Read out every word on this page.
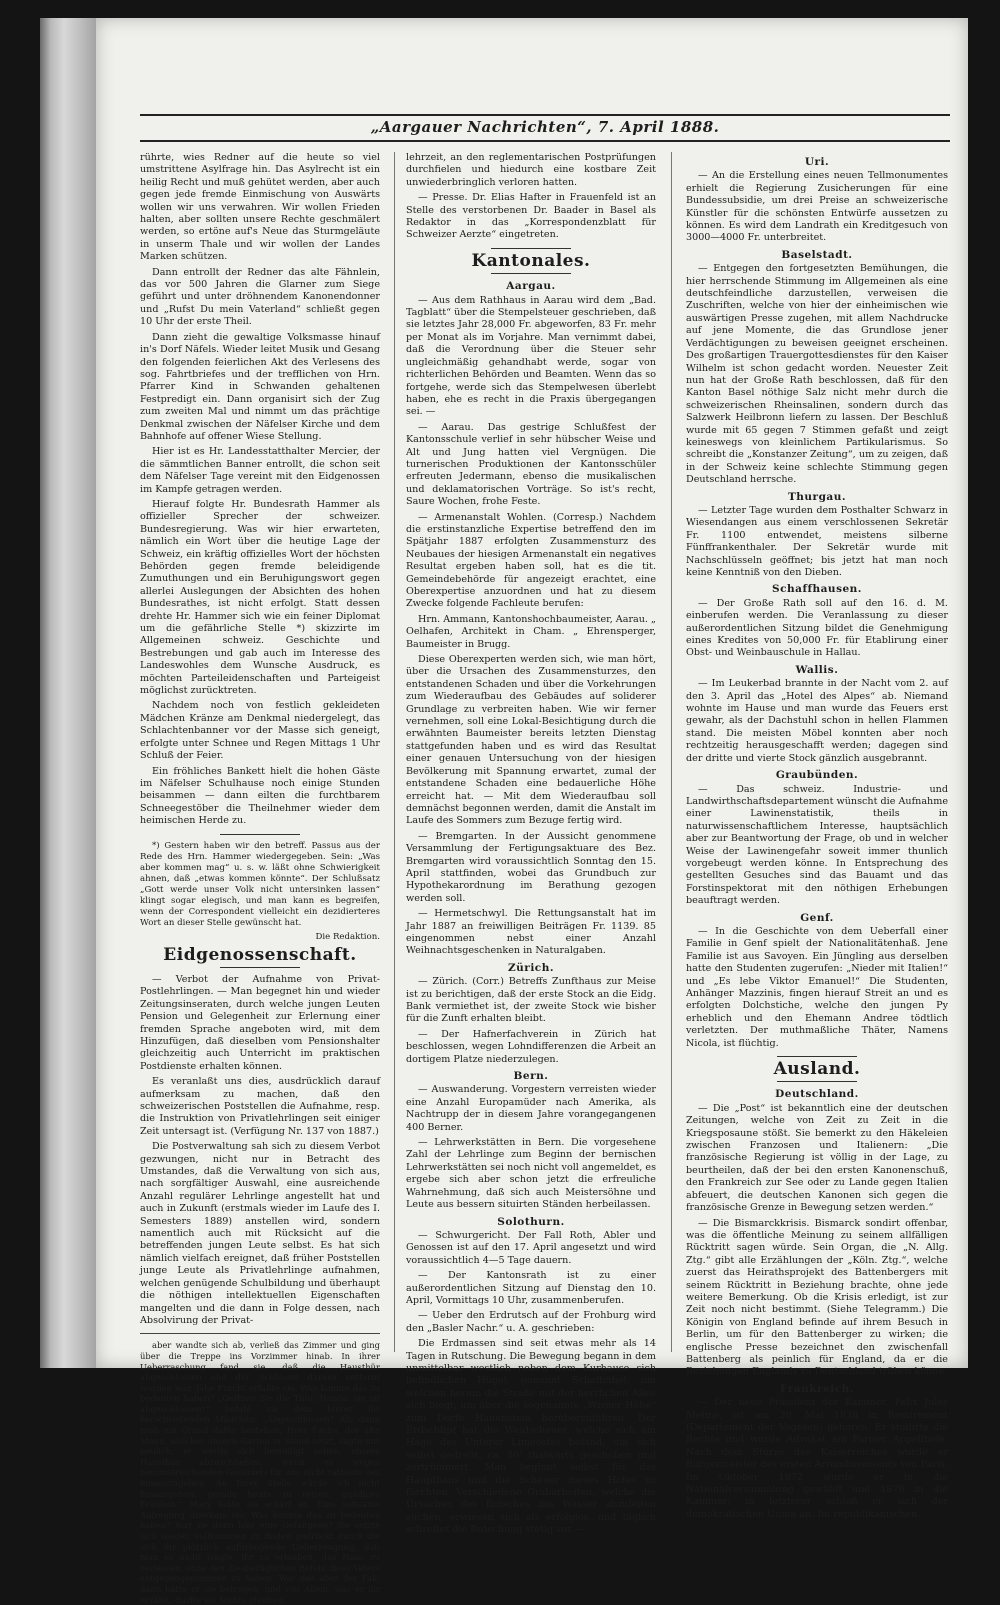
„Aargauer Nachrichten“, 7. April 1888.

rührte, wies Redner auf die heute so viel umstrittene Asylfrage hin. Das Asylrecht ist ein heilig Recht und muß gehütet werden, aber auch gegen jede fremde Einmischung von Auswärts wollen wir uns verwahren. Wir wollen Frieden halten, aber sollten unsere Rechte geschmälert werden, so ertöne auf's Neue das Sturmgeläute in unserm Thale und wir wollen der Landes Marken schützen.

Dann entrollt der Redner das alte Fähnlein, das vor 500 Jahren die Glarner zum Siege geführt und unter dröhnendem Kanonendonner und „Rufst Du mein Vaterland“ schließt gegen 10 Uhr der erste Theil.

Dann zieht die gewaltige Volksmasse hinauf in's Dorf Näfels. Wieder leitet Musik und Gesang den folgenden feierlichen Akt des Verlesens des sog. Fahrtbriefes und der trefflichen von Hrn. Pfarrer Kind in Schwanden gehaltenen Festpredigt ein. Dann organisirt sich der Zug zum zweiten Mal und nimmt um das prächtige Denkmal zwischen der Näfelser Kirche und dem Bahnhofe auf offener Wiese Stellung.

Hier ist es Hr. Landesstatthalter Mercier, der die sämmtlichen Banner entrollt, die schon seit dem Näfelser Tage vereint mit den Eidgenossen im Kampfe getragen werden.

Hierauf folgte Hr. Bundesrath Hammer als offizieller Sprecher der schweizer. Bundesregierung. Was wir hier erwarteten, nämlich ein Wort über die heutige Lage der Schweiz, ein kräftig offizielles Wort der höchsten Behörden gegen fremde beleidigende Zumuthungen und ein Beruhigungswort gegen allerlei Auslegungen der Absichten des hohen Bundesrathes, ist nicht erfolgt. Statt dessen drehte Hr. Hammer sich wie ein feiner Diplomat um die gefährliche Stelle *) skizzirte im Allgemeinen schweiz. Geschichte und Bestrebungen und gab auch im Interesse des Landeswohles dem Wunsche Ausdruck, es möchten Parteileidenschaften und Parteigeist möglichst zurücktreten.

Nachdem noch von festlich gekleideten Mädchen Kränze am Denkmal niedergelegt, das Schlachtenbanner vor der Masse sich geneigt, erfolgte unter Schnee und Regen Mittags 1 Uhr Schluß der Feier.

Ein fröhliches Bankett hielt die hohen Gäste im Näfelser Schulhause noch einige Stunden beisammen — dann eilten die furchtbarem Schneegestöber die Theilnehmer wieder dem heimischen Herde zu.

*) Gestern haben wir den betreff. Passus aus der Rede des Hrn. Hammer wiedergegeben. Sein: „Was aber kommen mag“ u. s. w. läßt ohne Schwierigkeit ahnen, daß „etwas kommen könnte“. Der Schlußsatz „Gott werde unser Volk nicht untersinken lassen“ klingt sogar elegisch, und man kann es begreifen, wenn der Correspondent vielleicht ein dezidierteres Wort an dieser Stelle gewünscht hat.

Die Redaktion.
Eidgenossenschaft.

— Verbot der Aufnahme von Privat-Postlehrlingen. — Man begegnet hin und wieder Zeitungsinseraten, durch welche jungen Leuten Pension und Gelegenheit zur Erlernung einer fremden Sprache angeboten wird, mit dem Hinzufügen, daß dieselben vom Pensionshalter gleichzeitig auch Unterricht im praktischen Postdienste erhalten können.

Es veranlaßt uns dies, ausdrücklich darauf aufmerksam zu machen, daß den schweizerischen Poststellen die Aufnahme, resp. die Instruktion von Privatlehrlingen seit einiger Zeit untersagt ist. (Verfügung Nr. 137 von 1887.)

Die Postverwaltung sah sich zu diesem Verbot gezwungen, nicht nur in Betracht des Umstandes, daß die Verwaltung von sich aus, nach sorgfältiger Auswahl, eine ausreichende Anzahl regulärer Lehrlinge angestellt hat und auch in Zukunft (erstmals wieder im Laufe des I. Semesters 1889) anstellen wird, sondern namentlich auch mit Rücksicht auf die betreffenden jungen Leute selbst. Es hat sich nämlich vielfach ereignet, daß früher Poststellen junge Leute als Privatlehrlinge aufnahmen, welchen genügende Schulbildung und überhaupt die nöthigen intellektuellen Eigenschaften mangelten und die dann in Folge dessen, nach Absolvirung der Privat-

aber wandte sich ab, verließ das Zimmer und ging über die Treppe ins Vorzimmer hinab. In ihrer Ueberraschung fand sie, daß die Hausthür abgeschlossen und der Schlüssel daraus entfernt worden war. Jähe Furcht erfaßte sie. Was konnte das zu bedeuten haben? „Oeffnen Sie die Thür, Hanna, sie ist abgeschlossen!“ befahl sie dem hinter ihr herschreitenden Mädchen. „Abgeschlossen? Ah, dann muß ein Grund dafür bestehen, Herr Fuchs, der alte Mann, welcher unsern Garten in Stand setzt, sagte mir neulich, er werde sich bemüßigt sehen, unsere Hausthür abzuschließen, wenn es wegen herumstreichenden Gesindels für uns nicht rathsam sei, hinauszugehen. An Ihrer Stelle würde ich nicht hinausgehen, gerade heute zu reisen, gnädiges Fräulein.“ Mary faßte sie scharf an. Eine seltsame Aufregung überkam sie. Was konnte das zu bedeuten haben? War sie denn hier eine Gefangene? Sie setzte sich nieder, vollkommen zu Boden gedrückt durch die sich ihr plötzlich aufdrängende Ueberzeugung, daß man es nicht wagte, ihr zu erlauben, das Haus zu verlassen, ohne den diesbezüglichen Befehl ihres Vaters entgegengenommen zu haben. War das aber der Fall, dann hatte er sie betrogen, und von Allem, was er ihr erzählt, durfte sie Nichts glauben.

lehrzeit, an den reglementarischen Postprüfungen durchfielen und hiedurch eine kostbare Zeit unwiederbringlich verloren hatten.

— Presse. Dr. Elias Hafter in Frauenfeld ist an Stelle des verstorbenen Dr. Baader in Basel als Redaktor in das „Korrespondenzblatt für Schweizer Aerzte“ eingetreten.

Kantonales.
Aargau.

— Aus dem Rathhaus in Aarau wird dem „Bad. Tagblatt“ über die Stempelsteuer geschrieben, daß sie letztes Jahr 28,000 Fr. abgeworfen, 83 Fr. mehr per Monat als im Vorjahre. Man vernimmt dabei, daß die Verordnung über die Steuer sehr ungleichmäßig gehandhabt werde, sogar von richterlichen Behörden und Beamten. Wenn das so fortgehe, werde sich das Stempelwesen überlebt haben, ehe es recht in die Praxis übergegangen sei. —

— Aarau. Das gestrige Schlußfest der Kantonsschule verlief in sehr hübscher Weise und Alt und Jung hatten viel Vergnügen. Die turnerischen Produktionen der Kantonsschüler erfreuten Jedermann, ebenso die musikalischen und deklamatorischen Vorträge. So ist's recht, Saure Wochen, frohe Feste.

— Armenanstalt Wohlen. (Corresp.) Nachdem die erstinstanzliche Expertise betreffend den im Spätjahr 1887 erfolgten Zusammensturz des Neubaues der hiesigen Armenanstalt ein negatives Resultat ergeben haben soll, hat es die tit. Gemeindebehörde für angezeigt erachtet, eine Oberexpertise anzuordnen und hat zu diesem Zwecke folgende Fachleute berufen:

Hrn. Ammann, Kantonshochbaumeister, Aarau. „ Oelhafen, Architekt in Cham. „ Ehrensperger, Baumeister in Brugg.

Diese Oberexperten werden sich, wie man hört, über die Ursachen des Zusammensturzes, den entstandenen Schaden und über die Vorkehrungen zum Wiederaufbau des Gebäudes auf soliderer Grundlage zu verbreiten haben. Wie wir ferner vernehmen, soll eine Lokal-Besichtigung durch die erwähnten Baumeister bereits letzten Dienstag stattgefunden haben und es wird das Resultat einer genauen Untersuchung von der hiesigen Bevölkerung mit Spannung erwartet, zumal der entstandene Schaden eine bedauerliche Höhe erreicht hat. — Mit dem Wiederaufbau soll demnächst begonnen werden, damit die Anstalt im Laufe des Sommers zum Bezuge fertig wird.

— Bremgarten. In der Aussicht genommene Versammlung der Fertigungsaktuare des Bez. Bremgarten wird voraussichtlich Sonntag den 15. April stattfinden, wobei das Grundbuch zur Hypothekarordnung im Berathung gezogen werden soll.

— Hermetschwyl. Die Rettungsanstalt hat im Jahr 1887 an freiwilligen Beiträgen Fr. 1139. 85 eingenommen nebst einer Anzahl Weihnachtsgeschenken in Naturalgaben.

Zürich.

— Zürich. (Corr.) Betreffs Zunfthaus zur Meise ist zu berichtigen, daß der erste Stock an die Eidg. Bank vermiethet ist, der zweite Stock wie bisher für die Zunft erhalten bleibt.

— Der Hafnerfachverein in Zürich hat beschlossen, wegen Lohndifferenzen die Arbeit an dortigem Platze niederzulegen.

Bern.

— Auswanderung. Vorgestern verreisten wieder eine Anzahl Europamüder nach Amerika, als Nachtrupp der in diesem Jahre vorangegangenen 400 Berner.

— Lehrwerkstätten in Bern. Die vorgesehene Zahl der Lehrlinge zum Beginn der bernischen Lehrwerkstätten sei noch nicht voll angemeldet, es ergebe sich aber schon jetzt die erfreuliche Wahrnehmung, daß sich auch Meistersöhne und Leute aus bessern situirten Ständen herbeilassen.

Solothurn.

— Schwurgericht. Der Fall Roth, Abler und Genossen ist auf den 17. April angesetzt und wird voraussichtlich 4—5 Tage dauern.

— Der Kantonsrath ist zu einer außerordentlichen Sitzung auf Dienstag den 10. April, Vormittags 10 Uhr, zusammenberufen.

— Ueber den Erdrutsch auf der Frohburg wird den „Basler Nachr.“ u. A. geschrieben:

Die Erdmassen sind seit etwas mehr als 14 Tagen in Rutschung. Die Bewegung begann in dem unmittelbar westlich neben dem Kurhause sich befindlichen Hügel, genannt Schafbühel, um welchen herum die Straße mit der herrlichen Allee sich biegt, um über die sogenannte „Wisner Höhe“ zum Dorfe Hauenstein herüberzuführen. Der Erdschlipf hat die Weidscheuer, welche sich am Hage des Unterer Limoosfes befand, um sich selbst gedreht, ca. 80' thalwärts geschoben und zertrümmert. Man beginnt selbst für das Haupthaus und die Scheuer dieses Hofes zu fürchten. Verschiedene Grabarbeiten, welche die Ursachen des Rutsches das Wasser abzuleiten suchen, erwiesen sich als erfolglos, und täglich schreitet die Rutschung stetig vor. —

Uri.

— An die Erstellung eines neuen Tellmonumentes erhielt die Regierung Zusicherungen für eine Bundessubsidie, um drei Preise an schweizerische Künstler für die schönsten Entwürfe aussetzen zu können. Es wird dem Landrath ein Kreditgesuch von 3000—4000 Fr. unterbreitet.

Baselstadt.

— Entgegen den fortgesetzten Bemühungen, die hier herrschende Stimmung im Allgemeinen als eine deutschfeindliche darzustellen, verweisen die Zuschriften, welche von hier der einheimischen wie auswärtigen Presse zugehen, mit allem Nachdrucke auf jene Momente, die das Grundlose jener Verdächtigungen zu beweisen geeignet erscheinen. Des großartigen Trauergottesdienstes für den Kaiser Wilhelm ist schon gedacht worden. Neuester Zeit nun hat der Große Rath beschlossen, daß für den Kanton Basel nöthige Salz nicht mehr durch die schweizerischen Rheinsalinen, sondern durch das Salzwerk Heilbronn liefern zu lassen. Der Beschluß wurde mit 65 gegen 7 Stimmen gefaßt und zeigt keineswegs von kleinlichem Partikularismus. So schreibt die „Konstanzer Zeitung“, um zu zeigen, daß in der Schweiz keine schlechte Stimmung gegen Deutschland herrsche.

Thurgau.

— Letzter Tage wurden dem Posthalter Schwarz in Wiesendangen aus einem verschlossenen Sekretär Fr. 1100 entwendet, meistens silberne Fünffrankenthaler. Der Sekretär wurde mit Nachschlüsseln geöffnet; bis jetzt hat man noch keine Kenntniß von den Dieben.

Schaffhausen.

— Der Große Rath soll auf den 16. d. M. einberufen werden. Die Veranlassung zu dieser außerordentlichen Sitzung bildet die Genehmigung eines Kredites von 50,000 Fr. für Etablirung einer Obst- und Weinbauschule in Hallau.

Wallis.

— Im Leukerbad brannte in der Nacht vom 2. auf den 3. April das „Hotel des Alpes“ ab. Niemand wohnte im Hause und man wurde das Feuers erst gewahr, als der Dachstuhl schon in hellen Flammen stand. Die meisten Möbel konnten aber noch rechtzeitig herausgeschafft werden; dagegen sind der dritte und vierte Stock gänzlich ausgebrannt.

Graubünden.

— Das schweiz. Industrie- und Landwirthschaftsdepartement wünscht die Aufnahme einer Lawinenstatistik, theils in naturwissenschaftlichem Interesse, hauptsächlich aber zur Beantwortung der Frage, ob und in welcher Weise der Lawinengefahr soweit immer thunlich vorgebeugt werden könne. In Entsprechung des gestellten Gesuches sind das Bauamt und das Forstinspektorat mit den nöthigen Erhebungen beauftragt werden.

Genf.

— In die Geschichte von dem Ueberfall einer Familie in Genf spielt der Nationalitätenhaß. Jene Familie ist aus Savoyen. Ein Jüngling aus derselben hatte den Studenten zugerufen: „Nieder mit Italien!“ und „Es lebe Viktor Emanuel!“ Die Studenten, Anhänger Mazzinis, fingen hierauf Streit an und es erfolgten Dolchstiche, welche den jungen Py erheblich und den Ehemann Andree tödtlich verletzten. Der muthmaßliche Thäter, Namens Nicola, ist flüchtig.

Ausland.
Deutschland.

— Die „Post“ ist bekanntlich eine der deutschen Zeitungen, welche von Zeit zu Zeit in die Kriegsposaune stößt. Sie bemerkt zu den Häkeleien zwischen Franzosen und Italienern: „Die französische Regierung ist völlig in der Lage, zu beurtheilen, daß der bei den ersten Kanonenschuß, den Frankreich zur See oder zu Lande gegen Italien abfeuert, die deutschen Kanonen sich gegen die französische Grenze in Bewegung setzen werden.“

— Die Bismarckkrisis. Bismarck sondirt offenbar, was die öffentliche Meinung zu seinem allfälligen Rücktritt sagen würde. Sein Organ, die „N. Allg. Ztg.“ gibt alle Erzählungen der „Köln. Ztg.“, welche zuerst das Heirathsprojekt des Battenbergers mit seinem Rücktritt in Beziehung brachte, ohne jede weitere Bemerkung. Ob die Krisis erledigt, ist zur Zeit noch nicht bestimmt. (Siehe Telegramm.) Die Königin von England befinde auf ihrem Besuch in Berlin, um für den Battenberger zu wirken; die englische Presse bezeichnet den zwischenfall Battenberg als peinlich für England, da er die Beziehungen Englands zu Deutschland trüben könne.

Frankreich.

— Der neue Präsident der Kammer, Felix Jules Meline, ist am 20. Mai 1838 in Remiremont (Departement der Vogesen) geboren. Er studirte die Rechte und wurde Advokat am Pariser Appellhofe. Nach dem Sturze des Kaiserreiches wurde er Bürgermeister des ersten Arrondissements von Paris. Im Oktober 1872 wurde er in die Nationalversammlung gewählt und 1876 in die Kammer; in letzterer schloß er sich der demokratischen Union an. Im republikanischen
